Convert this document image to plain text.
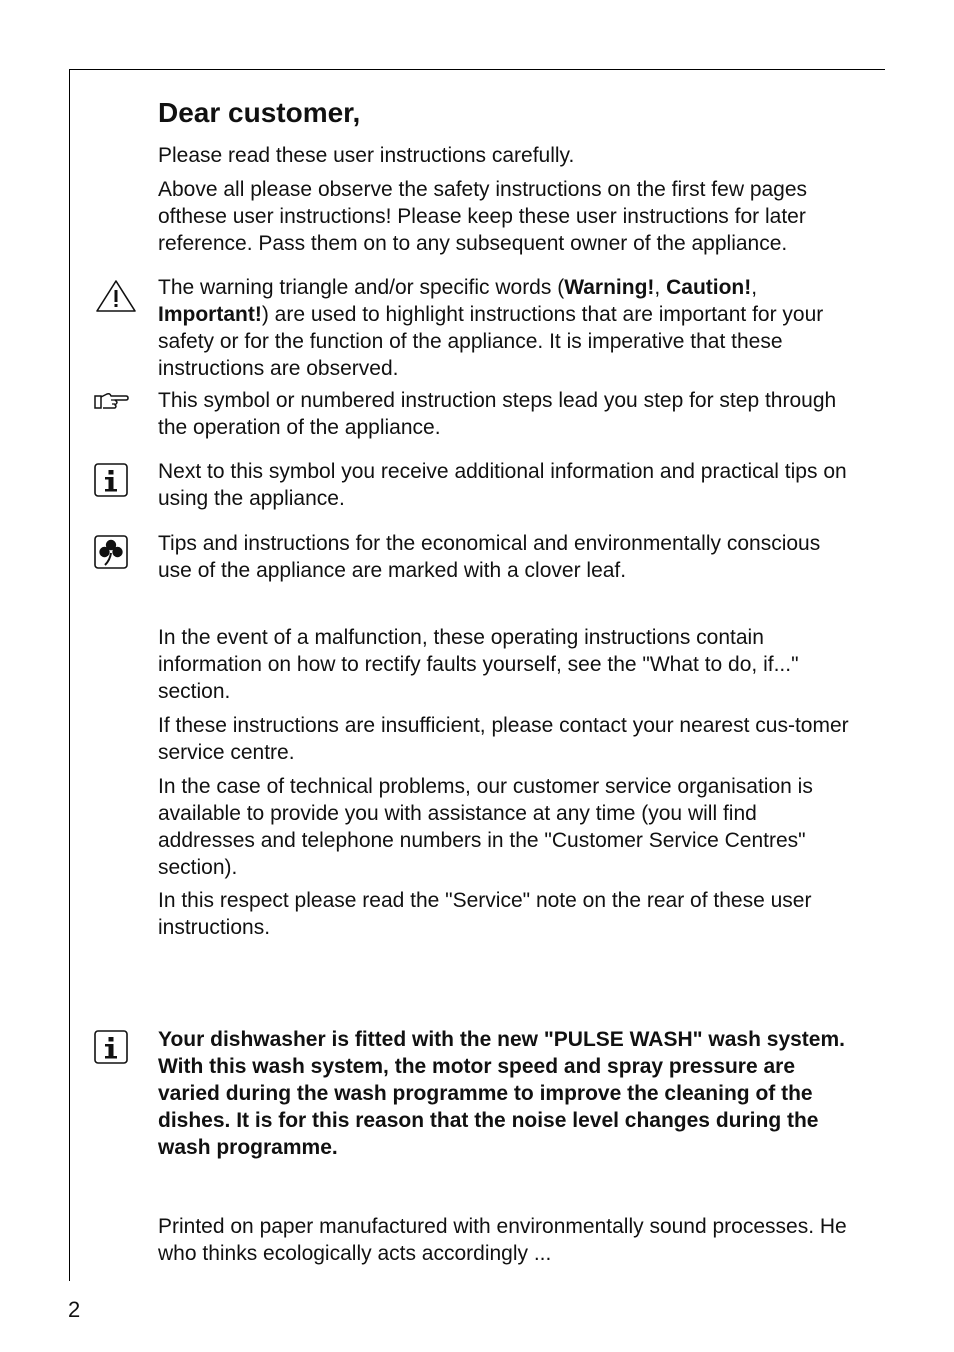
Dear customer,

Please read these user instructions carefully.

Above all please observe the safety instructions on the first few pages ofthese user instructions! Please keep these user instructions for later reference. Pass them on to any subsequent owner of the appliance.

The warning triangle and/or specific words (Warning!, Caution!, Important!) are used to highlight instructions that are important for your safety or for the function of the appliance. It is imperative that these instructions are observed.

This symbol or numbered instruction steps lead you step for step through the operation of the appliance.

Next to this symbol you receive additional information and practical tips on using the appliance.

Tips and instructions for the economical and environmentally conscious use of the appliance are marked with a clover leaf.

In the event of a malfunction, these operating instructions contain information on how to rectify faults yourself, see the "What to do, if..." section.

If these instructions are insufficient, please contact your nearest cus-tomer service centre.

In the case of technical problems, our customer service organisation is available to provide you with assistance at any time (you will find addresses and telephone numbers in the "Customer Service Centres" section).

In this respect please read the "Service" note on the rear of these user instructions.

Your dishwasher is fitted with the new "PULSE WASH" wash system. With this wash system, the motor speed and spray pressure are varied during the wash programme to improve the cleaning of the dishes. It is for this reason that the noise level changes during the wash programme.

Printed on paper manufactured with environmentally sound processes. He who thinks ecologically acts accordingly ...

2
